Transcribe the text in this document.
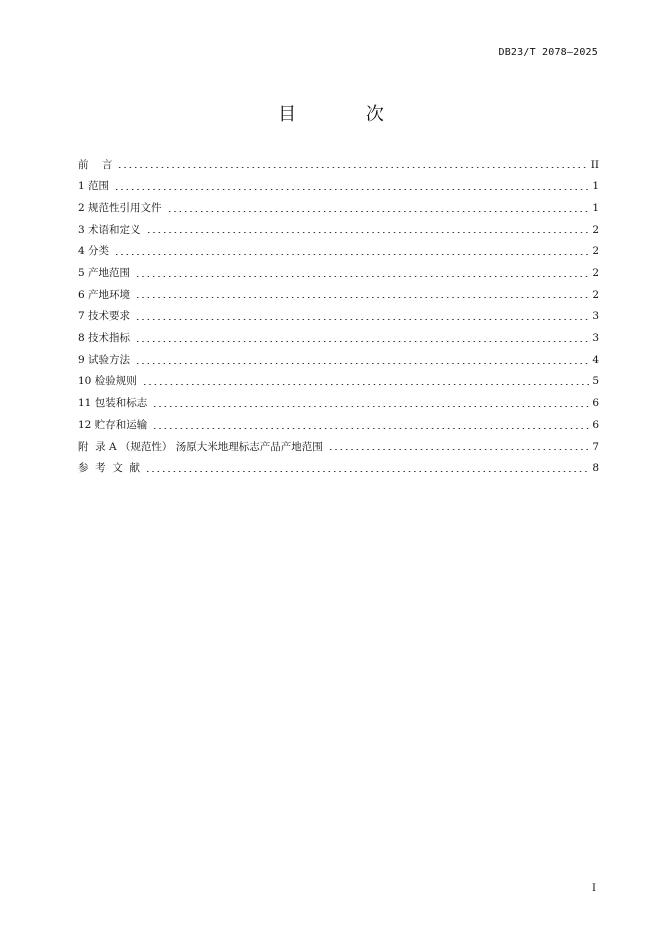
DB23/T 2078—2025
目 次
前    言	II
1 范围	1
2 规范性引用文件	1
3 术语和定义	2
4 分类	2
5 产地范围	2
6 产地环境	2
7 技术要求	3
8 技术指标	3
9 试验方法	4
10 检验规则	5
11 包装和标志	6
12 贮存和运输	6
附  录 A （规范性） 汤原大米地理标志产品产地范围	7
参  考  文  献	8
I
